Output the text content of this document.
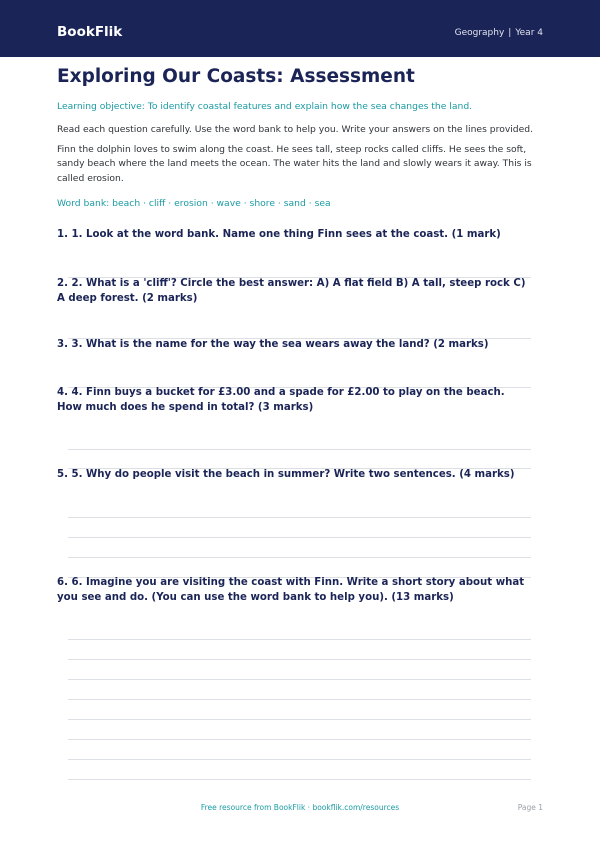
BookFlik	Geography | Year 4
Exploring Our Coasts: Assessment
Learning objective: To identify coastal features and explain how the sea changes the land.
Read each question carefully. Use the word bank to help you. Write your answers on the lines provided.
Finn the dolphin loves to swim along the coast. He sees tall, steep rocks called cliffs. He sees the soft, sandy beach where the land meets the ocean. The water hits the land and slowly wears it away. This is called erosion.
Word bank: beach · cliff · erosion · wave · shore · sand · sea
1. 1. Look at the word bank. Name one thing Finn sees at the coast. (1 mark)
2. 2. What is a 'cliff'? Circle the best answer: A) A flat field B) A tall, steep rock C) A deep forest. (2 marks)
3. 3. What is the name for the way the sea wears away the land? (2 marks)
4. 4. Finn buys a bucket for £3.00 and a spade for £2.00 to play on the beach. How much does he spend in total? (3 marks)
5. 5. Why do people visit the beach in summer? Write two sentences. (4 marks)
6. 6. Imagine you are visiting the coast with Finn. Write a short story about what you see and do. (You can use the word bank to help you). (13 marks)
Free resource from BookFlik · bookflik.com/resources	Page 1
